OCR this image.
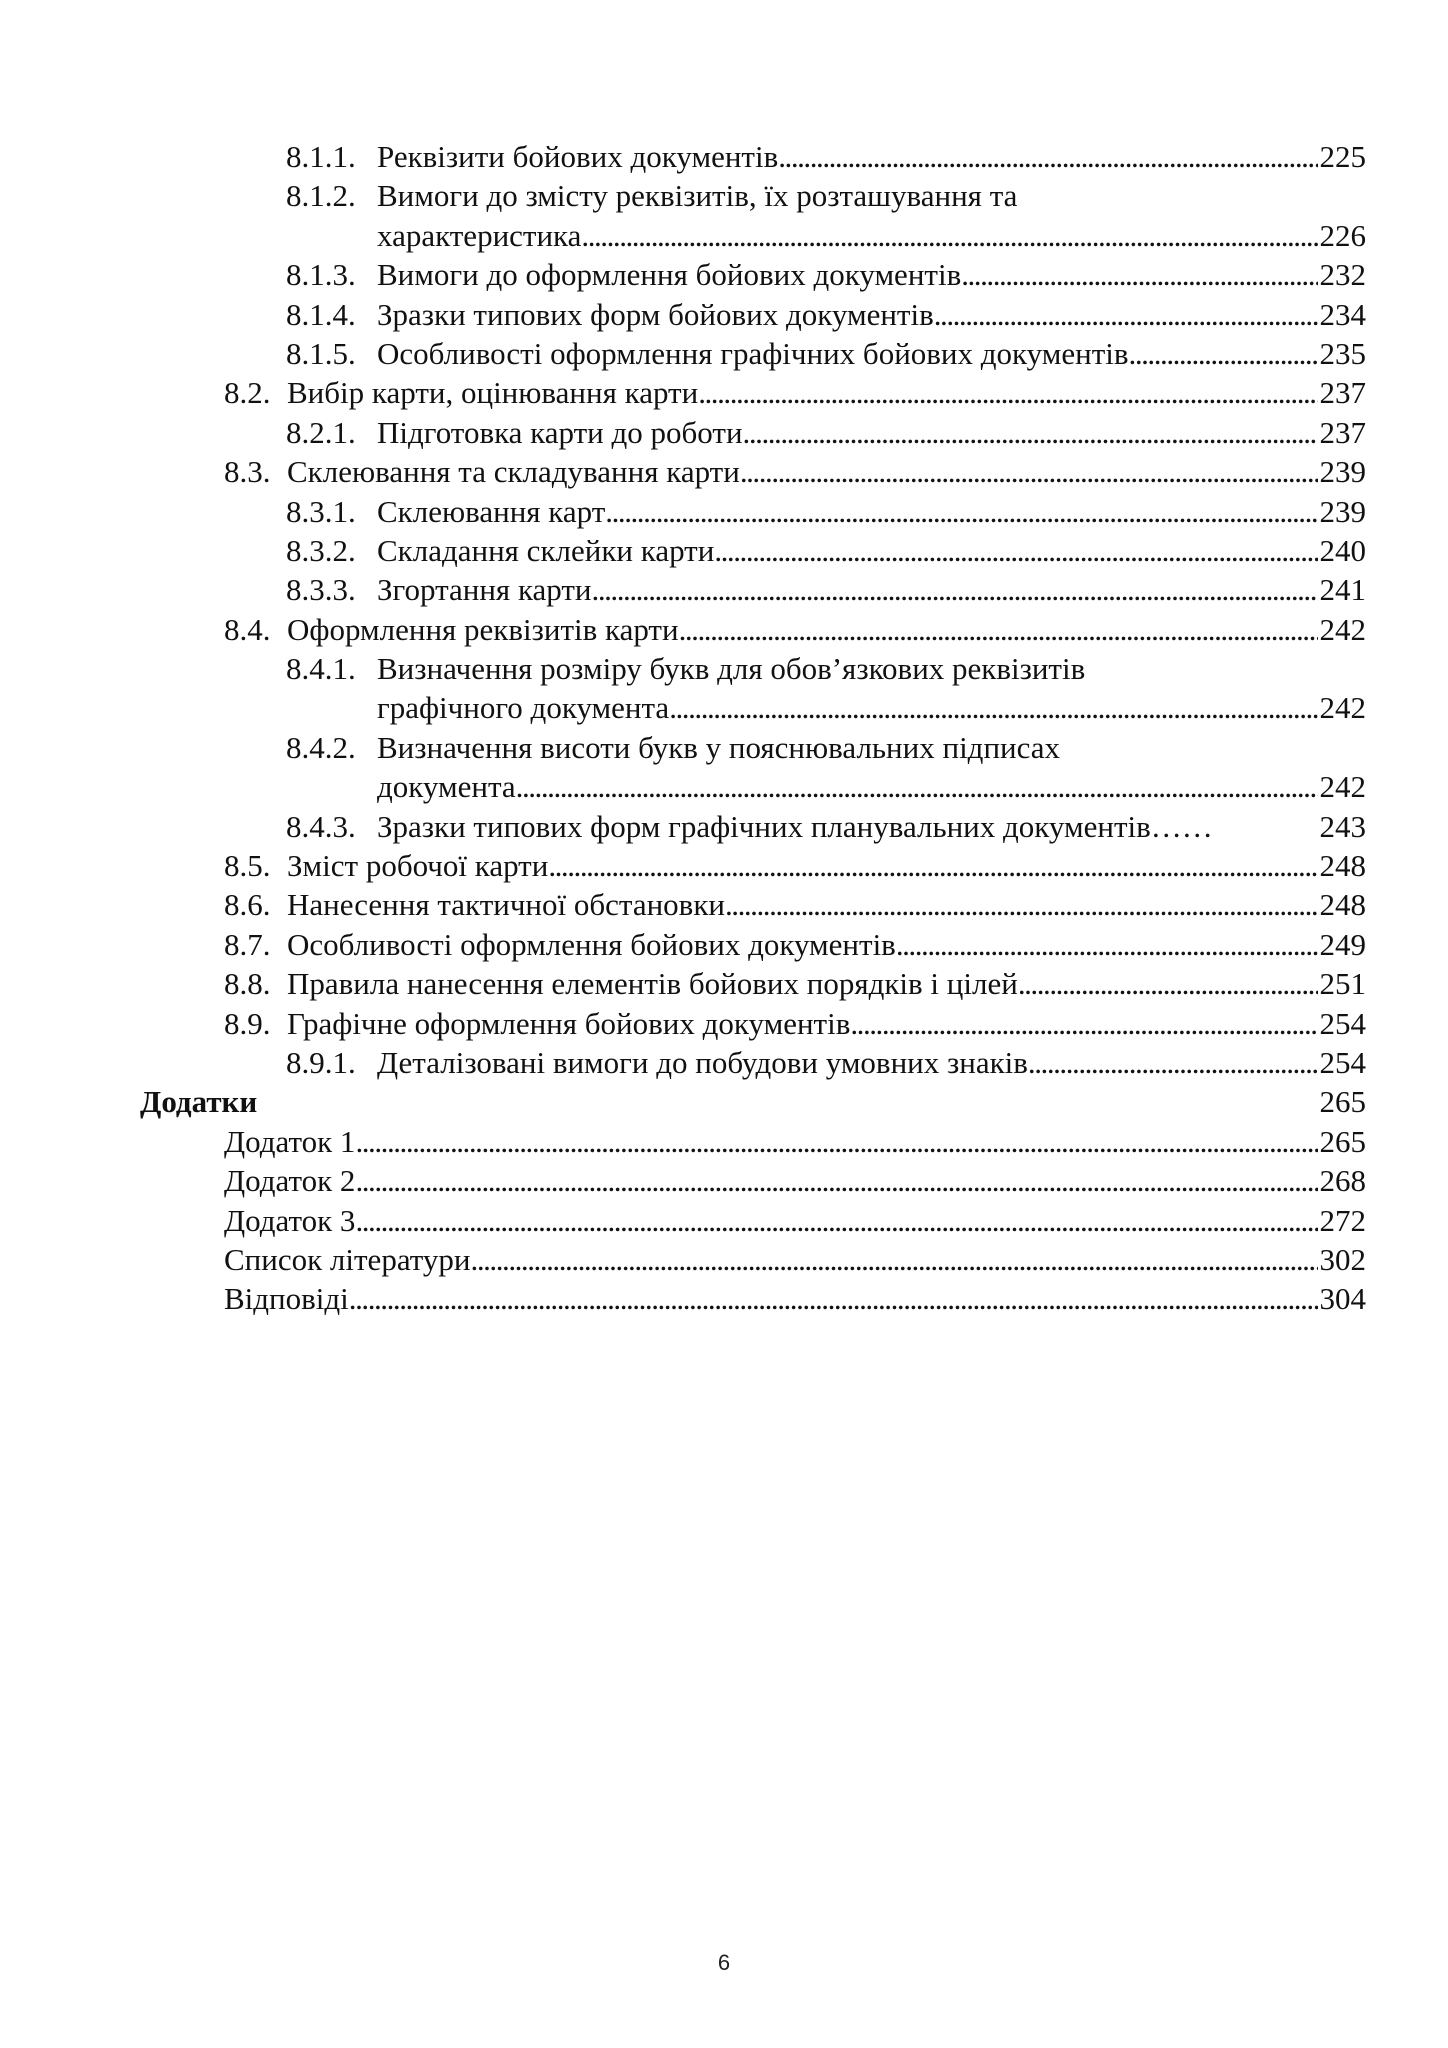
8.1.1. Реквізити бойових документів . . .	225
8.1.2. Вимоги до змісту реквізитів, їх розташування та
характеристика . . .	226
8.1.3. Вимоги до оформлення бойових документів . . .	232
8.1.4. Зразки типових форм бойових документів . . .	234
8.1.5. Особливості оформлення графічних бойових документів . . .	235
8.2. Вибір карти, оцінювання карти . . .	237
8.2.1. Підготовка карти до роботи . . .	237
8.3. Склеювання та складування карти . . .	239
8.3.1. Склеювання карт . . .	239
8.3.2. Складання склейки карти . . .	240
8.3.3. Згортання карти . . .	241
8.4. Оформлення реквізитів карти . . .	242
8.4.1. Визначення розміру букв для обов’язкових реквізитів
графічного документа . . .	242
8.4.2. Визначення висоти букв у пояснювальних підписах
документа . . .	242
8.4.3. Зразки типових форм графічних планувальних документів……	243
8.5. Зміст робочої карти . . .	248
8.6. Нанесення тактичної обстановки . . .	248
8.7. Особливості оформлення бойових документів . . .	249
8.8. Правила нанесення елементів бойових порядків і цілей . . .	251
8.9. Графічне оформлення бойових документів . . .	254
8.9.1. Деталізовані вимоги до побудови умовних знаків . . .	254
Додатки	265
Додаток 1 . . .	265
Додаток 2 . . .	268
Додаток 3 . . .	272
Список літератури . . .	302
Відповіді . . .	304
6
